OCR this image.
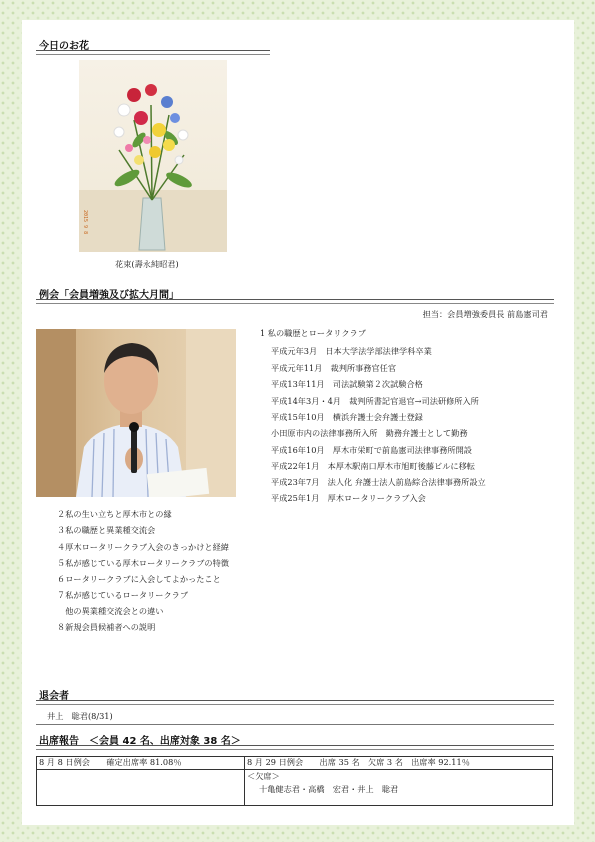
今日のお花
2015 9 8
花束(壽永純昭君)
例会「会員増強及び拡大月間」
担当：会員増強委員長 前島憲司君
1 私の職歴とロータリクラブ
平成元年3月　日本大学法学部法律学科卒業
平成元年11月　裁判所事務官任官
平成13年11月　司法試験第２次試験合格
平成14年3月・4月　裁判所書記官退官→司法研修所入所
平成15年10月　横浜弁護士会弁護士登録
小田原市内の法律事務所入所　勤務弁護士として勤務
平成16年10月　厚木市栄町で前島憲司法律事務所開設
平成22年1月　本厚木駅南口厚木市旭町後藤ビルに移転
平成23年7月　法人化 弁護士法人前島綜合法律事務所設立
平成25年1月　厚木ロータリークラブ入会
２私の生い立ちと厚木市との縁
３私の職歴と異業種交流会
４厚木ロータリークラブ入会のきっかけと経緯
５私が感じている厚木ロータリークラブの特徴
６ロータリークラブに入会してよかったこと
７私が感じているロータリークラブ
　他の異業種交流会との違い
８新規会員候補者への説明
退会者
井上　聡君(8/31)
出席報告　＜会員 42 名、出席対象 38 名＞
8 月 8 日例会　　確定出席率 81.08％	8 月 29 日例会　　出席 35 名　欠席 3 名　出席率 92.11％
＜欠席＞
十亀健志君・高橋　宏君・井上　聡君
